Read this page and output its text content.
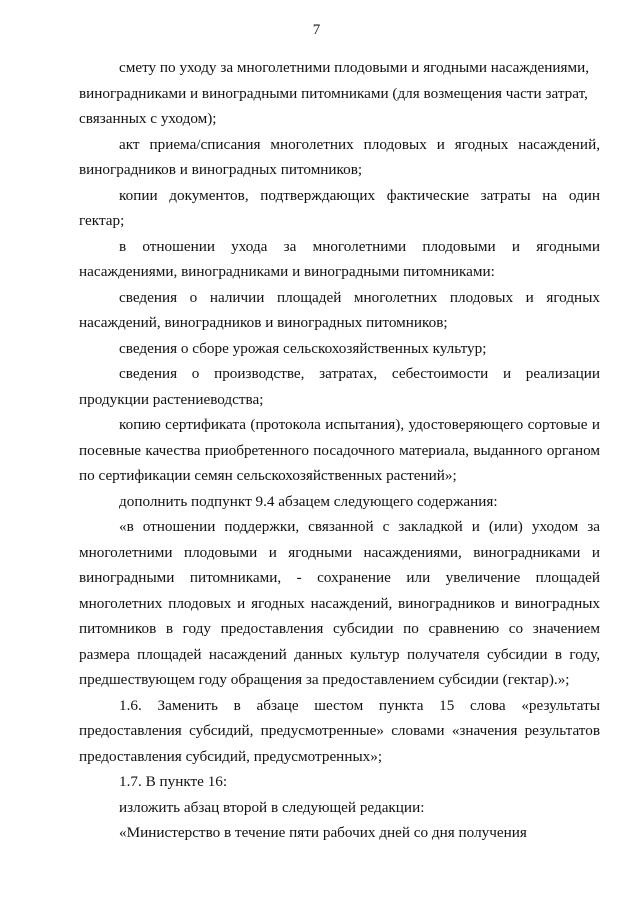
7

смету по уходу за многолетними плодовыми и ягодными насаждениями, виноградниками и виноградными питомниками (для возмещения части затрат, связанных с уходом);

акт приема/списания многолетних плодовых и ягодных насаждений, виноградников и виноградных питомников;

копии документов, подтверждающих фактические затраты на один гектар;

в отношении ухода за многолетними плодовыми и ягодными насаждениями, виноградниками и виноградными питомниками:

сведения о наличии площадей многолетних плодовых и ягодных насаждений, виноградников и виноградных питомников;

сведения о сборе урожая сельскохозяйственных культур;

сведения о производстве, затратах, себестоимости и реализации продукции растениеводства;

копию сертификата (протокола испытания), удостоверяющего сортовые и посевные качества приобретенного посадочного материала, выданного органом по сертификации семян сельскохозяйственных растений»;

дополнить подпункт 9.4 абзацем следующего содержания:

«в отношении поддержки, связанной с закладкой и (или) уходом за многолетними плодовыми и ягодными насаждениями, виноградниками и виноградными питомниками, - сохранение или увеличение площадей многолетних плодовых и ягодных насаждений, виноградников и виноградных питомников в году предоставления субсидии по сравнению со значением размера площадей насаждений данных культур получателя субсидии в году, предшествующем году обращения за предоставлением субсидии (гектар).»;

1.6. Заменить в абзаце шестом пункта 15 слова «результаты предоставления субсидий, предусмотренные» словами «значения результатов предоставления субсидий, предусмотренных»;

1.7. В пункте 16:

изложить абзац второй в следующей редакции:

«Министерство в течение пяти рабочих дней со дня получения
